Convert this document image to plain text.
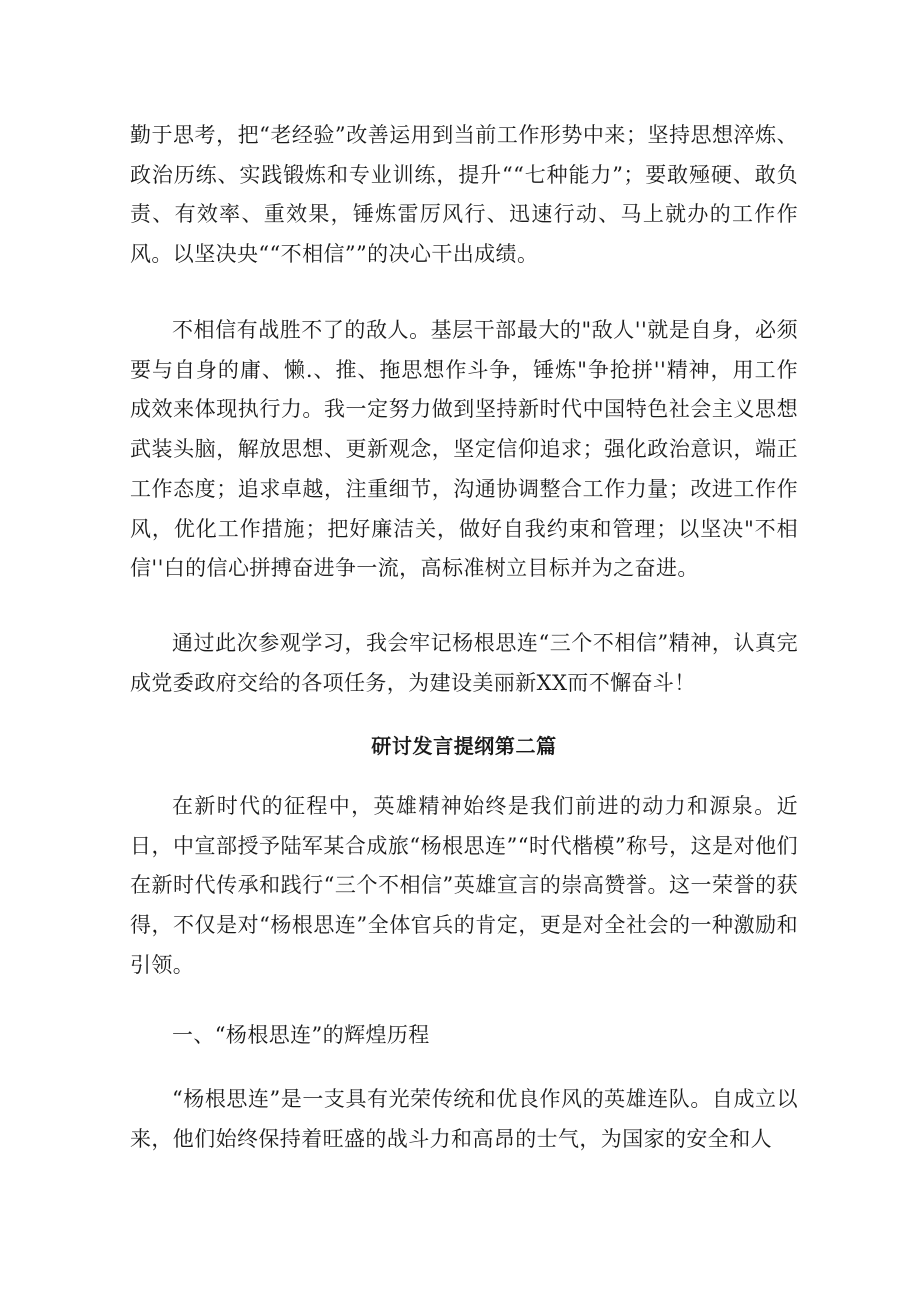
勤于思考，把“老经验”改善运用到当前工作形势中来；坚持思想淬炼、政治历练、实践锻炼和专业训练，提升““七种能力”；要敢殛硬、敢负责、有效率、重效果，锤炼雷厉风行、迅速行动、马上就办的工作作风。以坚决央““不相信””的决心干出成绩。

不相信有战胜不了的敌人。基层干部最大的"敌人''就是自身，必须要与自身的庸、懒.、推、拖思想作斗争，锤炼"争抢拼''精神，用工作成效来体现执行力。我一定努力做到坚持新时代中国特色社会主义思想武装头脑，解放思想、更新观念，坚定信仰追求；强化政治意识，端正工作态度；追求卓越，注重细节，沟通协调整合工作力量；改进工作作风，优化工作措施；把好廉洁关，做好自我约束和管理；以坚决"不相信''白的信心拼搏奋进争一流，高标准树立目标并为之奋进。

通过此次参观学习，我会牢记杨根思连“三个不相信”精神，认真完成党委政府交给的各项任务，为建设美丽新XX而不懈奋斗！

研讨发言提纲第二篇

在新时代的征程中，英雄精神始终是我们前进的动力和源泉。近日，中宣部授予陆军某合成旅“杨根思连”“时代楷模”称号，这是对他们在新时代传承和践行“三个不相信”英雄宣言的崇高赞誉。这一荣誉的获得，不仅是对“杨根思连”全体官兵的肯定，更是对全社会的一种激励和引领。

一、“杨根思连”的辉煌历程

“杨根思连”是一支具有光荣传统和优良作风的英雄连队。自成立以来，他们始终保持着旺盛的战斗力和高昂的士气，为国家的安全和人
